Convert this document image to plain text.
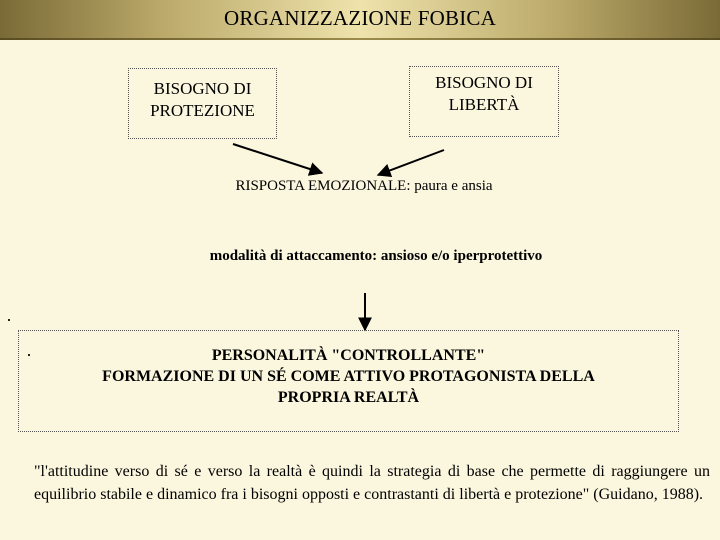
ORGANIZZAZIONE FOBICA
BISOGNO DI PROTEZIONE
BISOGNO DI LIBERTÀ
RISPOSTA EMOZIONALE: paura e ansia
modalità di attaccamento: ansioso e/o iperprotettivo
PERSONALITÀ "CONTROLLANTE"
FORMAZIONE DI UN SÉ COME ATTIVO PROTAGONISTA DELLA
PROPRIA REALTÀ
"l'attitudine verso di sé e verso la realtà è quindi la strategia di base che permette di raggiungere un equilibrio stabile e dinamico fra i bisogni opposti e contrastanti di libertà e protezione" (Guidano, 1988).
